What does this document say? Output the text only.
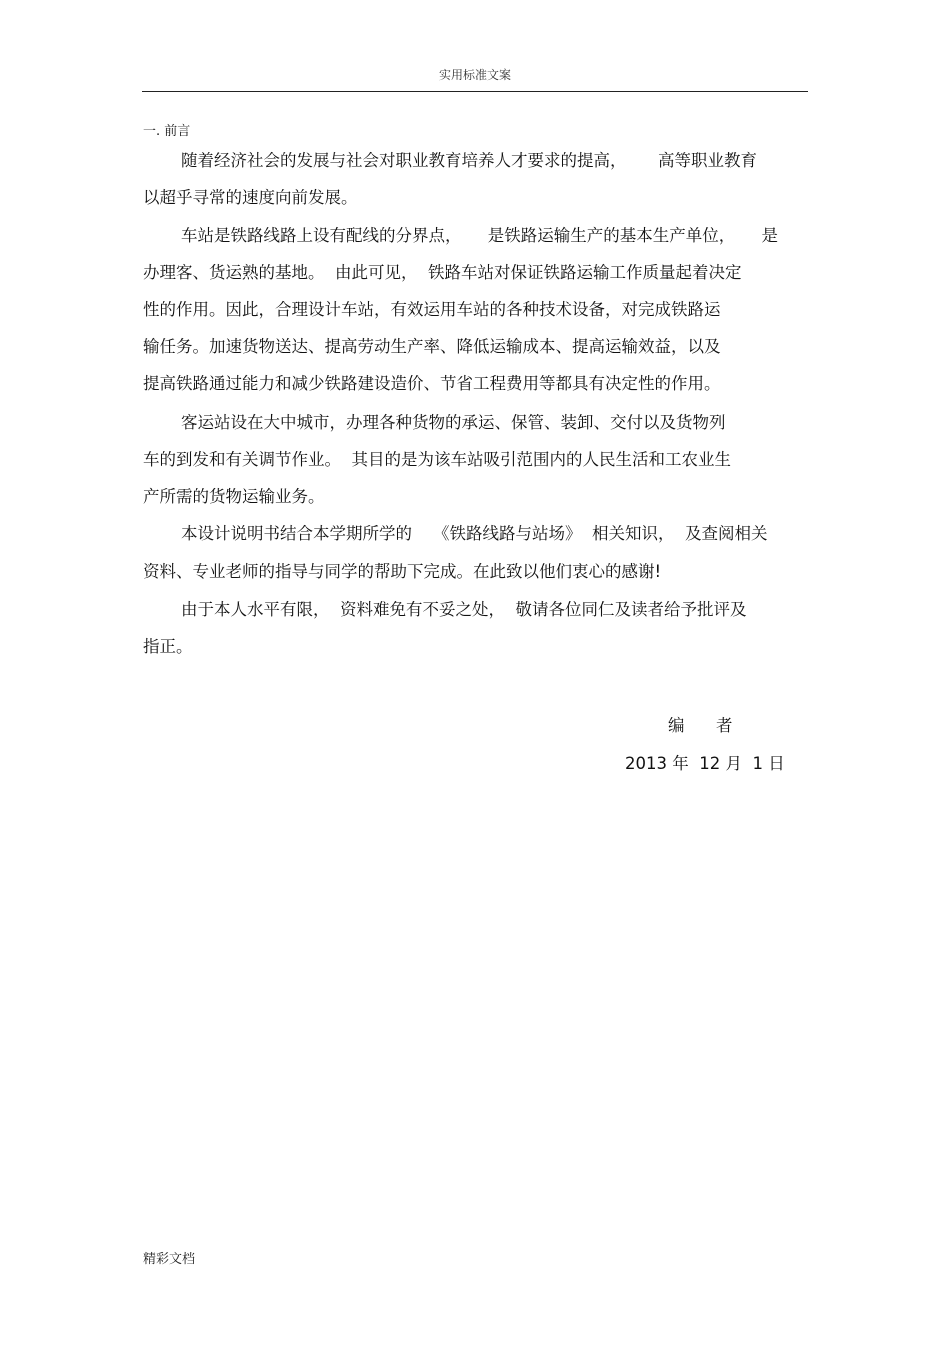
实用标准文案
一. 前言
随着经济社会的发展与社会对职业教育培养人才要求的提高，      高等职业教育
以超乎寻常的速度向前发展。
车站是铁路线路上设有配线的分界点，     是铁路运输生产的基本生产单位，     是
办理客、货运熟的基地。  由此可见，  铁路车站对保证铁路运输工作质量起着决定
性的作用。因此，合理设计车站，有效运用车站的各种技术设备，对完成铁路运
输任务。加速货物送达、提高劳动生产率、降低运输成本、提高运输效益，以及
提高铁路通过能力和减少铁路建设造价、节省工程费用等都具有决定性的作用。
客运站设在大中城市，办理各种货物的承运、保管、装卸、交付以及货物列
车的到发和有关调节作业。  其目的是为该车站吸引范围内的人民生活和工农业生
产所需的货物运输业务。
本设计说明书结合本学期所学的    《铁路线路与站场》  相关知识，  及查阅相关
资料、专业老师的指导与同学的帮助下完成。在此致以他们衷心的感谢!
由于本人水平有限，  资料难免有不妥之处，  敬请各位同仁及读者给予批评及
指正。
编      者
2013 年  12 月  1 日
精彩文档
